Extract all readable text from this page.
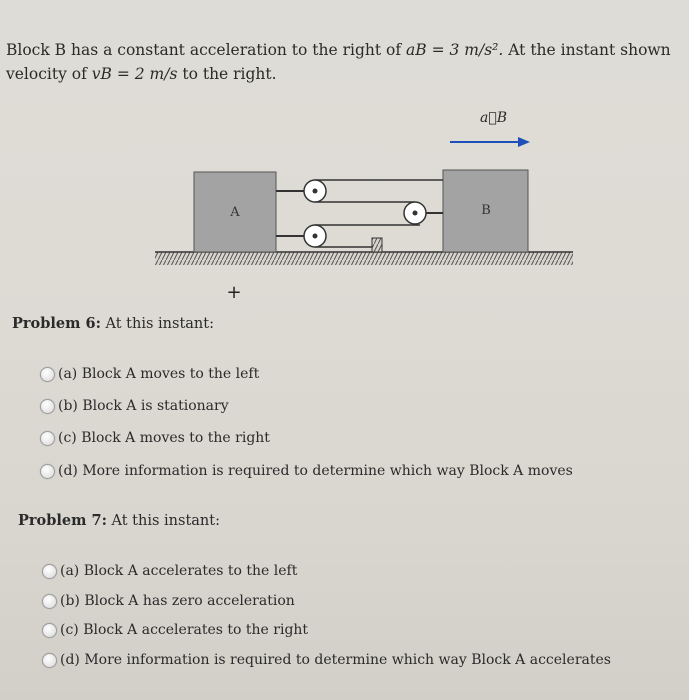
Block B has a constant acceleration to the right of aB = 3 m/s². At the instant shown
velocity of vB = 2 m/s to the right.
a⃗B
A	B
+
Problem 6: At this instant:
(a) Block A moves to the left
(b) Block A is stationary
(c) Block A moves to the right
(d) More information is required to determine which way Block A moves
Problem 7: At this instant:
(a) Block A accelerates to the left
(b) Block A has zero acceleration
(c) Block A accelerates to the right
(d) More information is required to determine which way Block A accelerates
